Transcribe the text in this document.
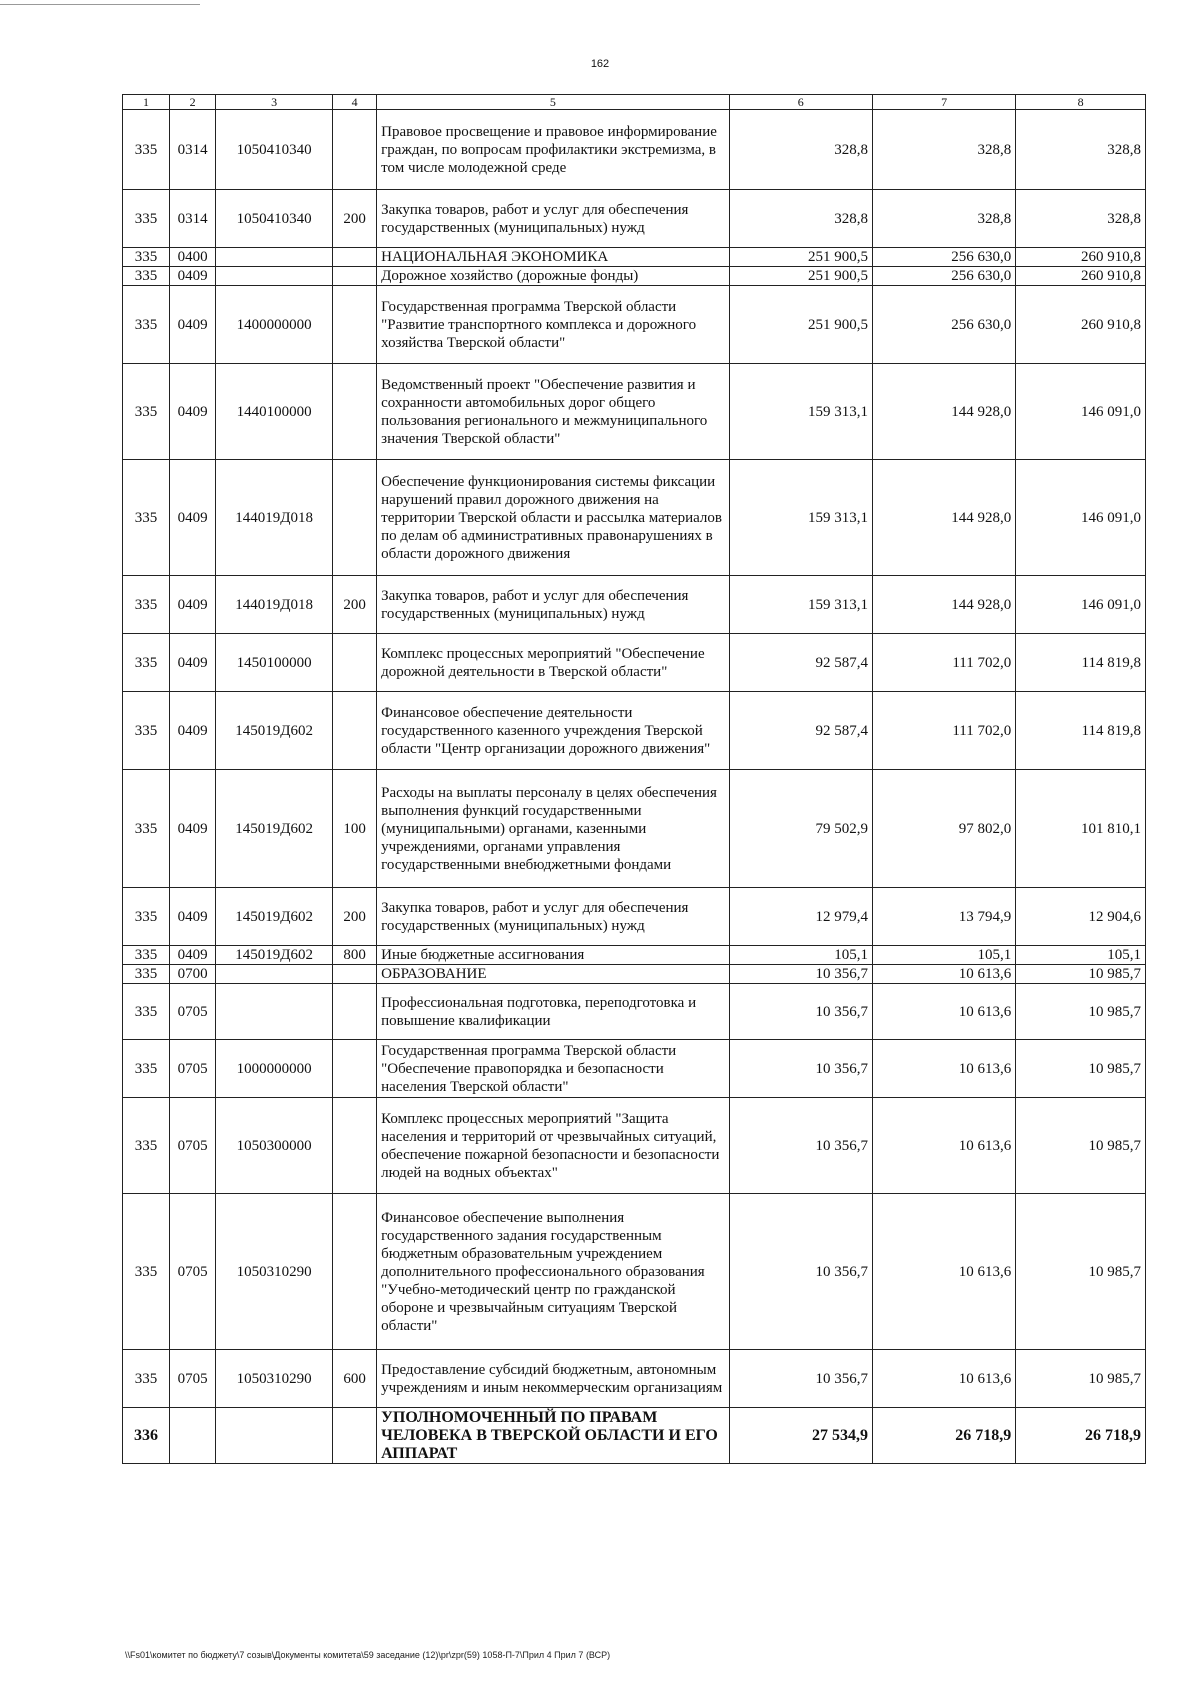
162
1	2	3	4	5	6	7	8
335	0314	1050410340		Правовое просвещение и правовое информирование граждан, по вопросам профилактики экстремизма, в том числе молодежной среде	328,8	328,8	328,8
335	0314	1050410340	200	Закупка товаров, работ и услуг для обеспечения государственных (муниципальных) нужд	328,8	328,8	328,8
335	0400			НАЦИОНАЛЬНАЯ ЭКОНОМИКА	251 900,5	256 630,0	260 910,8
335	0409			Дорожное хозяйство (дорожные фонды)	251 900,5	256 630,0	260 910,8
335	0409	1400000000		Государственная программа Тверской области "Развитие транспортного комплекса и дорожного хозяйства Тверской области"	251 900,5	256 630,0	260 910,8
335	0409	1440100000		Ведомственный проект "Обеспечение развития и сохранности автомобильных дорог общего пользования регионального и межмуниципального значения Тверской области"	159 313,1	144 928,0	146 091,0
335	0409	144019Д018		Обеспечение функционирования системы фиксации нарушений правил дорожного движения на территории Тверской области и рассылка материалов по делам об административных правонарушениях в области дорожного движения	159 313,1	144 928,0	146 091,0
335	0409	144019Д018	200	Закупка товаров, работ и услуг для обеспечения государственных (муниципальных) нужд	159 313,1	144 928,0	146 091,0
335	0409	1450100000		Комплекс процессных мероприятий "Обеспечение дорожной деятельности в Тверской области"	92 587,4	111 702,0	114 819,8
335	0409	145019Д602		Финансовое обеспечение деятельности государственного казенного учреждения Тверской области "Центр организации дорожного движения"	92 587,4	111 702,0	114 819,8
335	0409	145019Д602	100	Расходы на выплаты персоналу в целях обеспечения выполнения функций государственными (муниципальными) органами, казенными учреждениями, органами управления государственными внебюджетными фондами	79 502,9	97 802,0	101 810,1
335	0409	145019Д602	200	Закупка товаров, работ и услуг для обеспечения государственных (муниципальных) нужд	12 979,4	13 794,9	12 904,6
335	0409	145019Д602	800	Иные бюджетные ассигнования	105,1	105,1	105,1
335	0700			ОБРАЗОВАНИЕ	10 356,7	10 613,6	10 985,7
335	0705			Профессиональная подготовка, переподготовка и повышение квалификации	10 356,7	10 613,6	10 985,7
335	0705	1000000000		Государственная программа Тверской области "Обеспечение правопорядка и безопасности населения Тверской области"	10 356,7	10 613,6	10 985,7
335	0705	1050300000		Комплекс процессных мероприятий "Защита населения и территорий от чрезвычайных ситуаций, обеспечение пожарной безопасности и безопасности людей на водных объектах"	10 356,7	10 613,6	10 985,7
335	0705	1050310290		Финансовое обеспечение выполнения государственного задания государственным бюджетным образовательным учреждением дополнительного профессионального образования "Учебно-методический центр по гражданской обороне и чрезвычайным ситуациям Тверской области"	10 356,7	10 613,6	10 985,7
335	0705	1050310290	600	Предоставление субсидий бюджетным, автономным учреждениям и иным некоммерческим организациям	10 356,7	10 613,6	10 985,7
336				УПОЛНОМОЧЕННЫЙ ПО ПРАВАМ ЧЕЛОВЕКА В ТВЕРСКОЙ ОБЛАСТИ И ЕГО АППАРАТ	27 534,9	26 718,9	26 718,9
\\Fs01\комитет по бюджету\7 созыв\Документы комитета\59 заседание (12)\pr\zpr(59) 1058-П-7\Прил 4 Прил 7 (ВСР)
